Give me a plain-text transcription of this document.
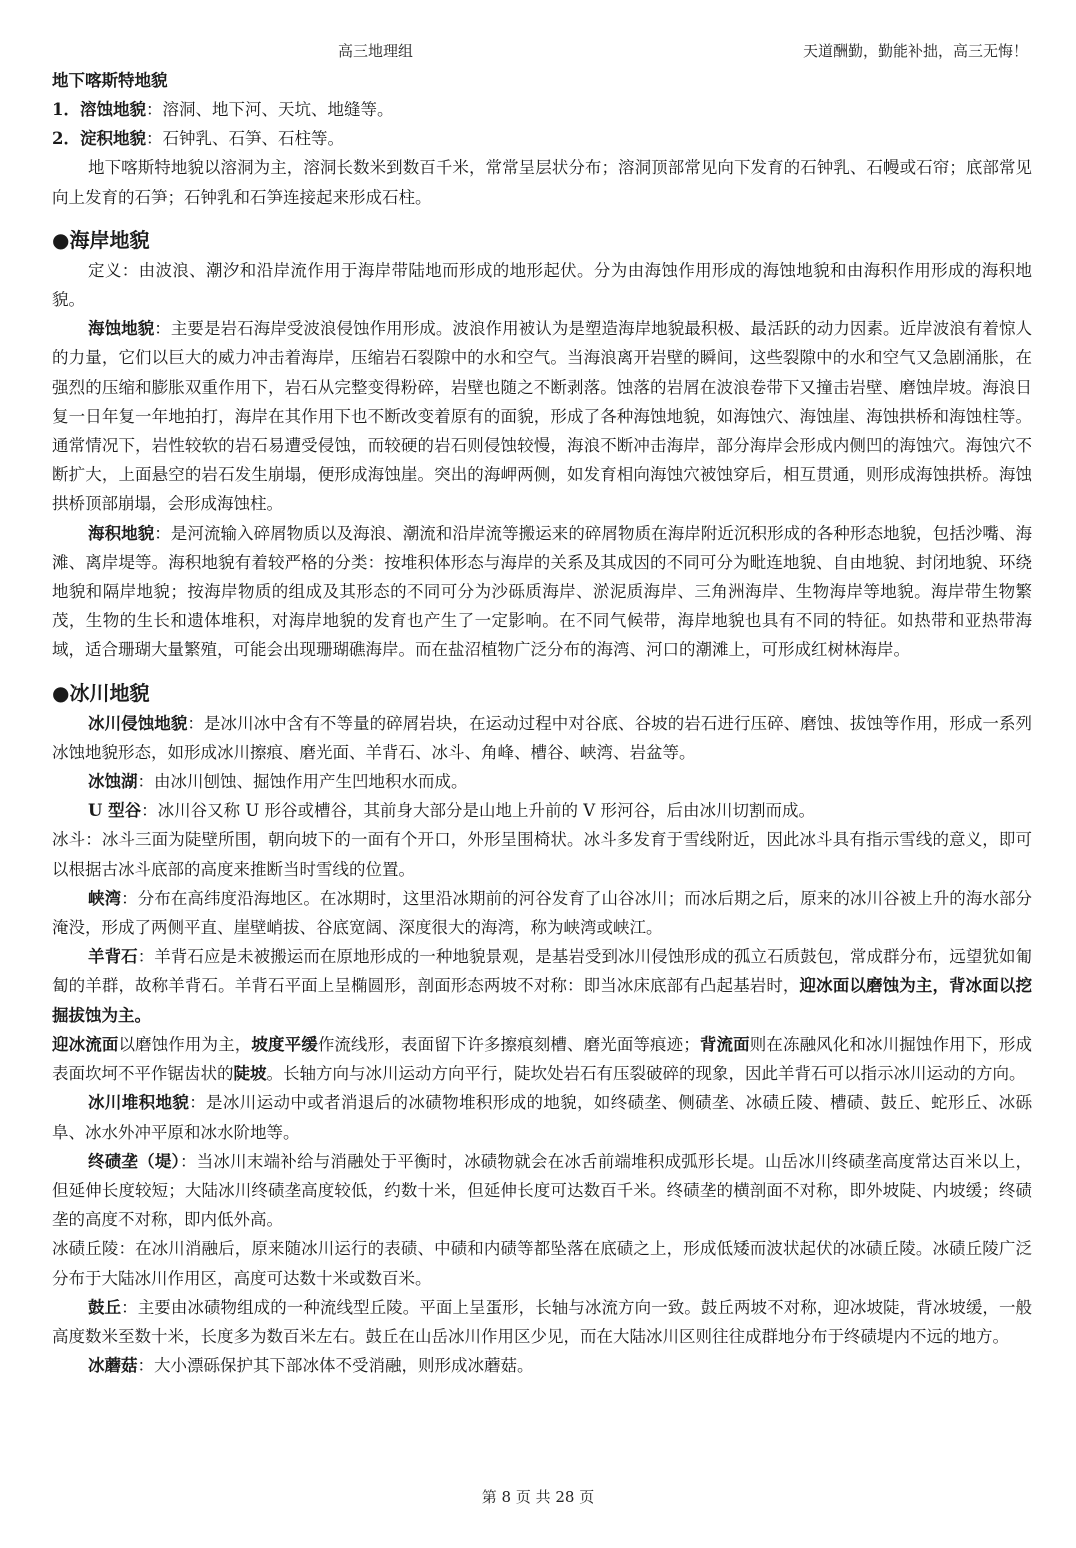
高三地理组	天道酬勤，勤能补拙，高三无悔！

地下喀斯特地貌

1．溶蚀地貌：溶洞、地下河、天坑、地缝等。

2．淀积地貌：石钟乳、石笋、石柱等。

地下喀斯特地貌以溶洞为主，溶洞长数米到数百千米，常常呈层状分布；溶洞顶部常见向下发育的石钟乳、石幔或石帘；底部常见向上发育的石笋；石钟乳和石笋连接起来形成石柱。

●海岸地貌

定义：由波浪、潮汐和沿岸流作用于海岸带陆地而形成的地形起伏。分为由海蚀作用形成的海蚀地貌和由海积作用形成的海积地貌。

海蚀地貌：主要是岩石海岸受波浪侵蚀作用形成。波浪作用被认为是塑造海岸地貌最积极、最活跃的动力因素。近岸波浪有着惊人的力量，它们以巨大的威力冲击着海岸，压缩岩石裂隙中的水和空气。当海浪离开岩壁的瞬间，这些裂隙中的水和空气又急剧涌胀，在强烈的压缩和膨胀双重作用下，岩石从完整变得粉碎，岩壁也随之不断剥落。蚀落的岩屑在波浪卷带下又撞击岩壁、磨蚀岸坡。海浪日复一日年复一年地拍打，海岸在其作用下也不断改变着原有的面貌，形成了各种海蚀地貌，如海蚀穴、海蚀崖、海蚀拱桥和海蚀柱等。通常情况下，岩性较软的岩石易遭受侵蚀，而较硬的岩石则侵蚀较慢，海浪不断冲击海岸，部分海岸会形成内侧凹的海蚀穴。海蚀穴不断扩大，上面悬空的岩石发生崩塌，便形成海蚀崖。突出的海岬两侧，如发育相向海蚀穴被蚀穿后，相互贯通，则形成海蚀拱桥。海蚀拱桥顶部崩塌，会形成海蚀柱。

海积地貌：是河流输入碎屑物质以及海浪、潮流和沿岸流等搬运来的碎屑物质在海岸附近沉积形成的各种形态地貌，包括沙嘴、海滩、离岸堤等。海积地貌有着较严格的分类：按堆积体形态与海岸的关系及其成因的不同可分为毗连地貌、自由地貌、封闭地貌、环绕地貌和隔岸地貌；按海岸物质的组成及其形态的不同可分为沙砾质海岸、淤泥质海岸、三角洲海岸、生物海岸等地貌。海岸带生物繁茂，生物的生长和遗体堆积，对海岸地貌的发育也产生了一定影响。在不同气候带，海岸地貌也具有不同的特征。如热带和亚热带海域，适合珊瑚大量繁殖，可能会出现珊瑚礁海岸。而在盐沼植物广泛分布的海湾、河口的潮滩上，可形成红树林海岸。

●冰川地貌

冰川侵蚀地貌：是冰川冰中含有不等量的碎屑岩块，在运动过程中对谷底、谷坡的岩石进行压碎、磨蚀、拔蚀等作用，形成一系列冰蚀地貌形态，如形成冰川擦痕、磨光面、羊背石、冰斗、角峰、槽谷、峡湾、岩盆等。

冰蚀湖：由冰川刨蚀、掘蚀作用产生凹地积水而成。

U 型谷：冰川谷又称 U 形谷或槽谷，其前身大部分是山地上升前的 V 形河谷，后由冰川切割而成。

冰斗：冰斗三面为陡壁所围，朝向坡下的一面有个开口，外形呈围椅状。冰斗多发育于雪线附近，因此冰斗具有指示雪线的意义，即可以根据古冰斗底部的高度来推断当时雪线的位置。

峡湾：分布在高纬度沿海地区。在冰期时，这里沿冰期前的河谷发育了山谷冰川；而冰后期之后，原来的冰川谷被上升的海水部分淹没，形成了两侧平直、崖壁峭拔、谷底宽阔、深度很大的海湾，称为峡湾或峡江。

羊背石：羊背石应是未被搬运而在原地形成的一种地貌景观，是基岩受到冰川侵蚀形成的孤立石质鼓包，常成群分布，远望犹如匍匐的羊群，故称羊背石。羊背石平面上呈椭圆形，剖面形态两坡不对称：即当冰床底部有凸起基岩时，迎冰面以磨蚀为主，背冰面以挖掘拔蚀为主。

迎冰流面以磨蚀作用为主，坡度平缓作流线形，表面留下许多擦痕刻槽、磨光面等痕迹；背流面则在冻融风化和冰川掘蚀作用下，形成表面坎坷不平作锯齿状的陡坡。长轴方向与冰川运动方向平行，陡坎处岩石有压裂破碎的现象，因此羊背石可以指示冰川运动的方向。

冰川堆积地貌：是冰川运动中或者消退后的冰碛物堆积形成的地貌，如终碛垄、侧碛垄、冰碛丘陵、槽碛、鼓丘、蛇形丘、冰砾阜、冰水外冲平原和冰水阶地等。

终碛垄（堤）：当冰川末端补给与消融处于平衡时，冰碛物就会在冰舌前端堆积成弧形长堤。山岳冰川终碛垄高度常达百米以上，但延伸长度较短；大陆冰川终碛垄高度较低，约数十米，但延伸长度可达数百千米。终碛垄的横剖面不对称，即外坡陡、内坡缓；终碛垄的高度不对称，即内低外高。

冰碛丘陵：在冰川消融后，原来随冰川运行的表碛、中碛和内碛等都坠落在底碛之上，形成低矮而波状起伏的冰碛丘陵。冰碛丘陵广泛分布于大陆冰川作用区，高度可达数十米或数百米。

鼓丘：主要由冰碛物组成的一种流线型丘陵。平面上呈蛋形，长轴与冰流方向一致。鼓丘两坡不对称，迎冰坡陡，背冰坡缓，一般高度数米至数十米，长度多为数百米左右。鼓丘在山岳冰川作用区少见，而在大陆冰川区则往往成群地分布于终碛堤内不远的地方。

冰蘑菇：大小漂砾保护其下部冰体不受消融，则形成冰蘑菇。

第 8 页 共 28 页
